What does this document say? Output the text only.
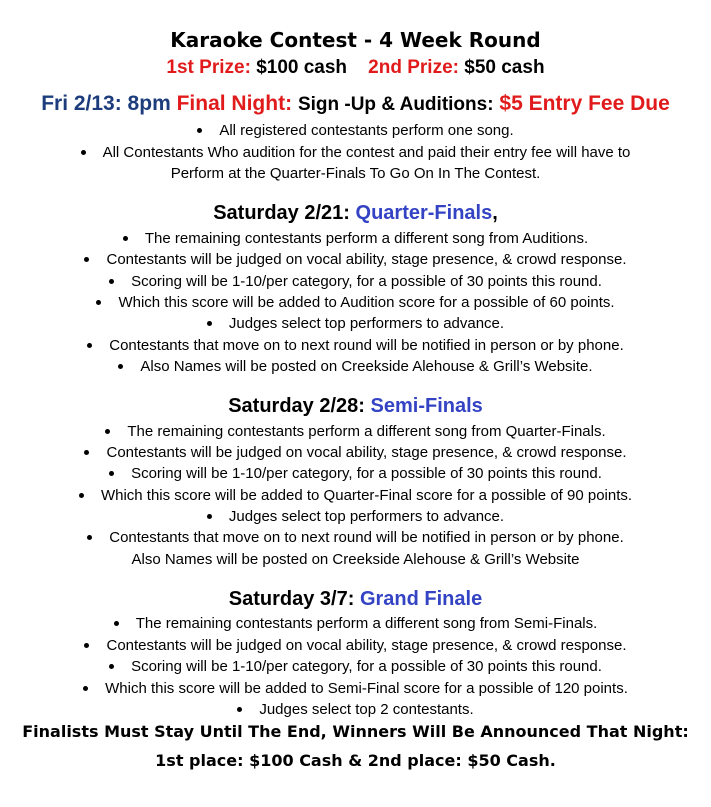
Karaoke Contest - 4 Week Round
1st Prize: $100 cash 2nd Prize: $50 cash
Fri 2/13: 8pm Final Night: Sign -Up & Auditions: $5 Entry Fee Due
All registered contestants perform one song.
All Contestants Who audition for the contest and paid their entry fee will have to
Perform at the Quarter-Finals To Go On In The Contest.
Saturday 2/21: Quarter-Finals,
The remaining contestants perform a different song from Auditions.
Contestants will be judged on vocal ability, stage presence, & crowd response.
Scoring will be 1-10/per category, for a possible of 30 points this round.
Which this score will be added to Audition score for a possible of 60 points.
Judges select top performers to advance.
Contestants that move on to next round will be notified in person or by phone.
Also Names will be posted on Creekside Alehouse & Grill’s Website.
Saturday 2/28: Semi-Finals
The remaining contestants perform a different song from Quarter-Finals.
Contestants will be judged on vocal ability, stage presence, & crowd response.
Scoring will be 1-10/per category, for a possible of 30 points this round.
Which this score will be added to Quarter-Final score for a possible of 90 points.
Judges select top performers to advance.
Contestants that move on to next round will be notified in person or by phone.
Also Names will be posted on Creekside Alehouse & Grill’s Website
Saturday 3/7: Grand Finale
The remaining contestants perform a different song from Semi-Finals.
Contestants will be judged on vocal ability, stage presence, & crowd response.
Scoring will be 1-10/per category, for a possible of 30 points this round.
Which this score will be added to Semi-Final score for a possible of 120 points.
Judges select top 2 contestants.
Finalists Must Stay Until The End, Winners Will Be Announced That Night:
1st place: $100 Cash & 2nd place: $50 Cash.
